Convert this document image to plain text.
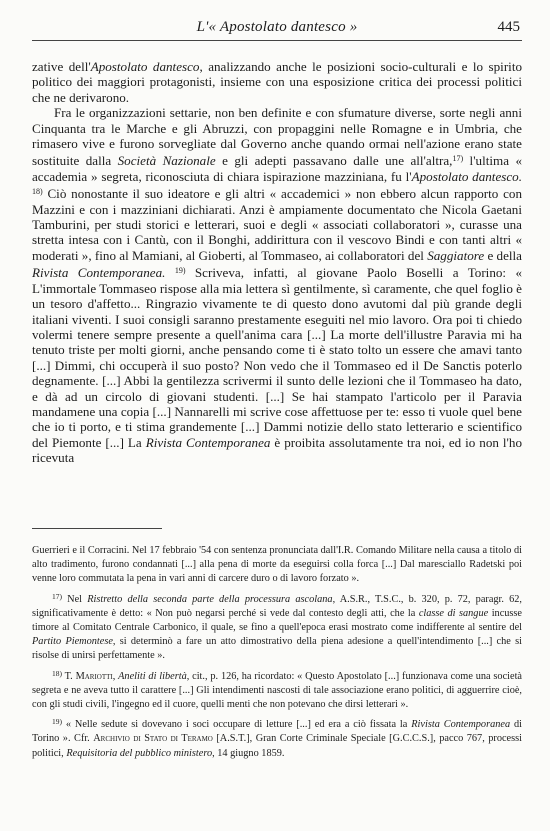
L'« Apostolato dantesco »	445

zative dell'Apostolato dantesco, analizzando anche le posizioni socio-culturali e lo spirito politico dei maggiori protagonisti, insieme con una esposizione critica dei processi politici che ne derivarono.

Fra le organizzazioni settarie, non ben definite e con sfumature diverse, sorte negli anni Cinquanta tra le Marche e gli Abruzzi, con propaggini nelle Romagne e in Umbria, che rimasero vive e furono sorvegliate dal Governo anche quando ormai nell'azione erano state sostituite dalla Società Nazionale e gli adepti passavano dalle une all'altra,$^{17)}$ l'ultima « accademia » segreta, riconosciuta di chiara ispirazione mazziniana, fu l'Apostolato dantesco. $^{18)}$ Ciò nonostante il suo ideatore e gli altri « accademici » non ebbero alcun rapporto con Mazzini e con i mazziniani dichiarati. Anzi è ampiamente documentato che Nicola Gaetani Tamburini, per studi storici e letterari, suoi e degli « associati collaboratori », curasse una stretta intesa con i Cantù, con il Bonghi, addirittura con il vescovo Bindi e con tanti altri « moderati », fino al Mamiani, al Gioberti, al Tommaseo, ai collaboratori del Saggiatore e della Rivista Contemporanea. $^{19)}$ Scriveva, infatti, al giovane Paolo Boselli a Torino: « L'immortale Tommaseo rispose alla mia lettera sì gentilmente, sì caramente, che quel foglio è un tesoro d'affetto... Ringrazio vivamente te di questo dono avutomi dal più grande degli italiani viventi. I suoi consigli saranno prestamente eseguiti nel mio lavoro. Ora poi ti chiedo volermi tenere sempre presente a quell'anima cara [...] La morte dell'illustre Paravia mi ha tenuto triste per molti giorni, anche pensando come ti è stato tolto un essere che amavi tanto [...] Dimmi, chi occuperà il suo posto? Non vedo che il Tommaseo ed il De Sanctis poterlo degnamente. [...] Abbi la gentilezza scrivermi il sunto delle lezioni che il Tommaseo ha dato, e dà ad un circolo di giovani studenti. [...] Se hai stampato l'articolo per il Paravia mandamene una copia [...] Nannarelli mi scrive cose affettuose per te: esso ti vuole quel bene che io ti porto, e ti stima grandemente [...] Dammi notizie dello stato letterario e scientifico del Piemonte [...] La Rivista Contemporanea è proibita assolutamente tra noi, ed io non l'ho ricevuta

Guerrieri e il Corracini. Nel 17 febbraio '54 con sentenza pronunciata dall'I.R. Comando Militare nella causa a titolo di alto tradimento, furono condannati [...] alla pena di morte da eseguirsi colla forca [...] Dal maresciallo Radetski poi venne loro commutata la pena in vari anni di carcere duro o di lavoro forzato ».

$^{17)}$ Nel Ristretto della seconda parte della processura ascolana, A.S.R., T.S.C., b. 320, p. 72, paragr. 62, significativamente è detto: « Non può negarsi perché si vede dal contesto degli atti, che la classe di sangue incusse timore al Comitato Centrale Carbonico, il quale, se fino a quell'epoca erasi mostrato come indifferente al sentire del Partito Piemontese, si determinò a fare un atto dimostrativo della piena adesione a quell'intendimento [...] che si risolse di unirsi perfettamente ».

$^{18)}$ T. Mariotti, Aneliti di libertà, cit., p. 126, ha ricordato: « Questo Apostolato [...] funzionava come una società segreta e ne aveva tutto il carattere [...] Gli intendimenti nascosti di tale associazione erano politici, di agguerrire cioè, con gli studi civili, l'ingegno ed il cuore, quelli menti che non potevano che dirsi letterari ».

$^{19)}$ « Nelle sedute si dovevano i soci occupare di letture [...] ed era a ciò fissata la Rivista Contemporanea di Torino ». Cfr. Archivio di Stato di Teramo [A.S.T.], Gran Corte Criminale Speciale [G.C.C.S.], pacco 767, processi politici, Requisitoria del pubblico ministero, 14 giugno 1859.
